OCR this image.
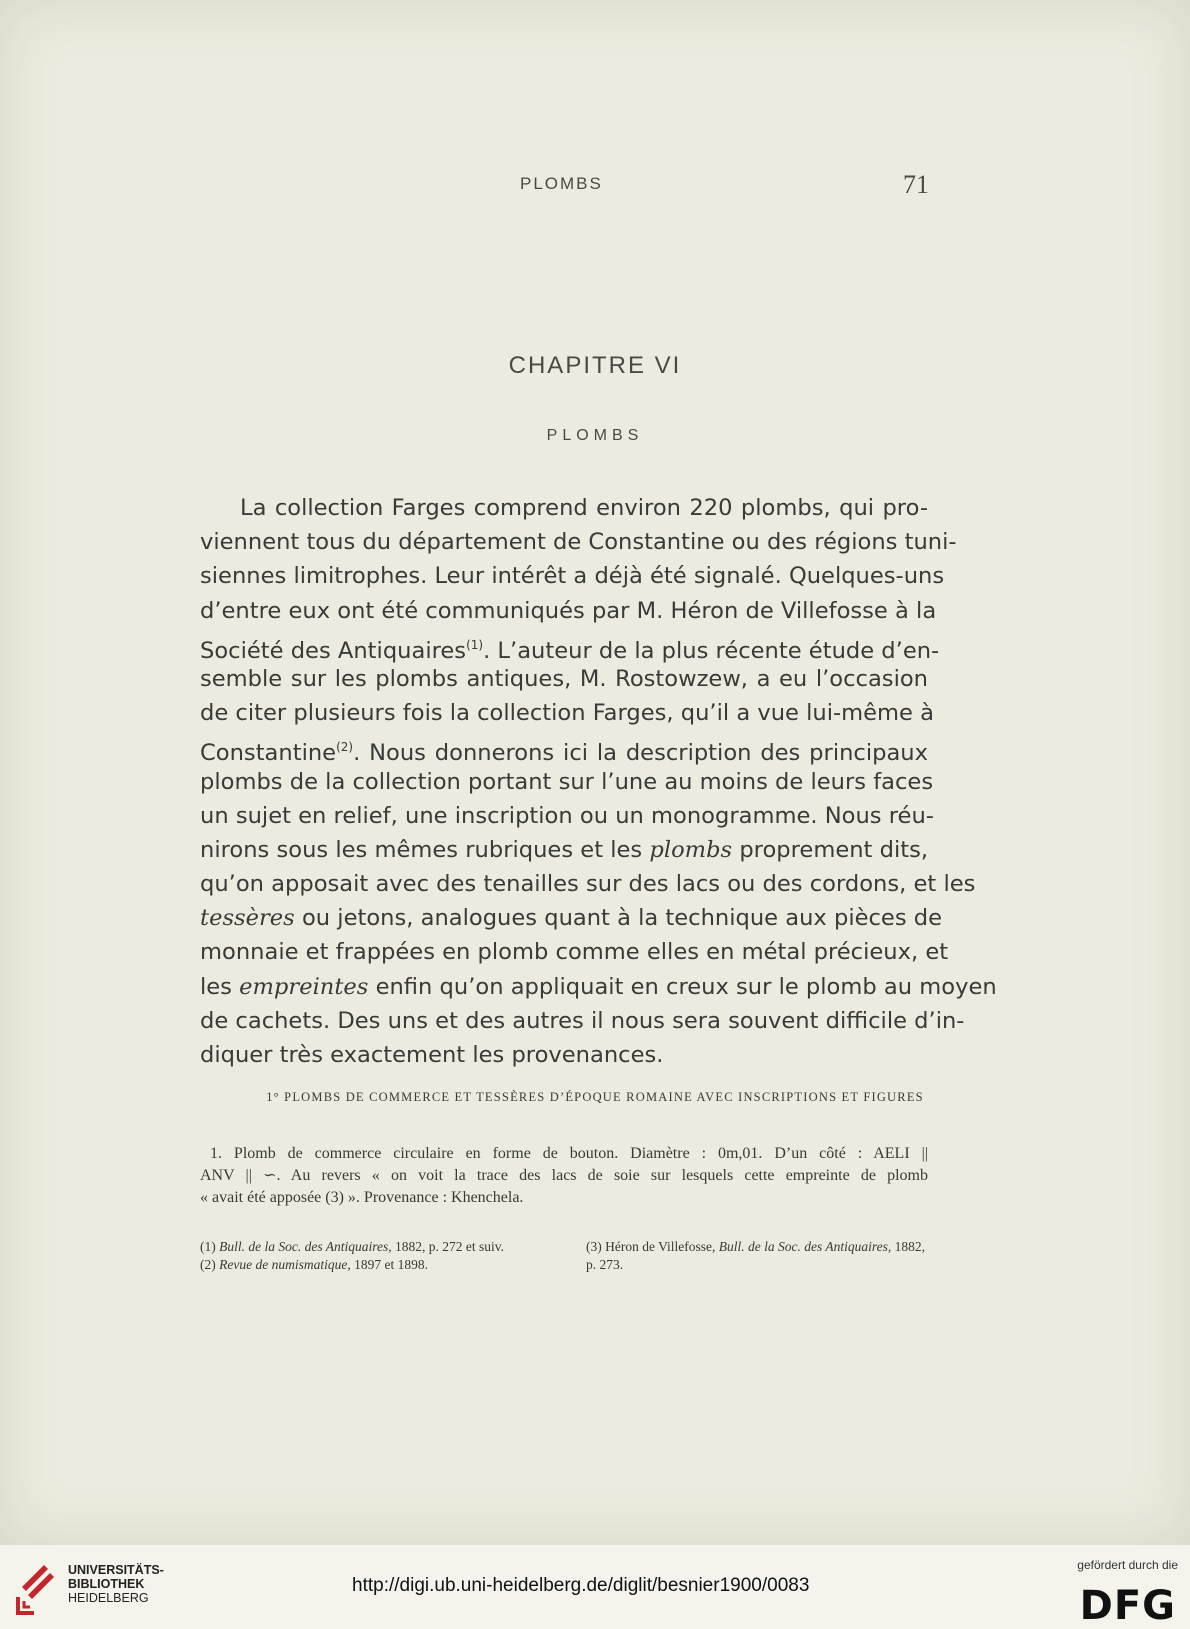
PLOMBS	71
CHAPITRE VI
PLOMBS
La collection Farges comprend environ 220 plombs, qui pro-
viennent tous du département de Constantine ou des régions tuni-
siennes limitrophes. Leur intérêt a déjà été signalé. Quelques-uns
d’entre eux ont été communiqués par M. Héron de Villefosse à la
Société des Antiquaires$^{(1)}$. L’auteur de la plus récente étude d’en-
semble sur les plombs antiques, M. Rostowzew, a eu l’occasion
de citer plusieurs fois la collection Farges, qu’il a vue lui-même à
Constantine$^{(2)}$. Nous donnerons ici la description des principaux
plombs de la collection portant sur l’une au moins de leurs faces
un sujet en relief, une inscription ou un monogramme. Nous réu-
nirons sous les mêmes rubriques et les plombs proprement dits,
qu’on apposait avec des tenailles sur des lacs ou des cordons, et les
tessères ou jetons, analogues quant à la technique aux pièces de
monnaie et frappées en plomb comme elles en métal précieux, et
les empreintes enfin qu’on appliquait en creux sur le plomb au moyen
de cachets. Des uns et des autres il nous sera souvent difficile d’in-
diquer très exactement les provenances.
1° PLOMBS DE COMMERCE ET TESSÈRES D’ÉPOQUE ROMAINE AVEC INSCRIPTIONS ET FIGURES
1. Plomb de commerce circulaire en forme de bouton. Diamètre : 0m,01. D’un côté : AELI ||
ANV || ∽. Au revers « on voit la trace des lacs de soie sur lesquels cette empreinte de plomb
« avait été apposée (3) ». Provenance : Khenchela.
(1) Bull. de la Soc. des Antiquaires, 1882, p. 272 et suiv.
(2) Revue de numismatique, 1897 et 1898.
(3) Héron de Villefosse, Bull. de la Soc. des Antiquaires, 1882, p. 273.
UNIVERSITÄTS-
BIBLIOTHEK
HEIDELBERG
http://digi.ub.uni-heidelberg.de/diglit/besnier1900/0083
gefördert durch die
DFG
